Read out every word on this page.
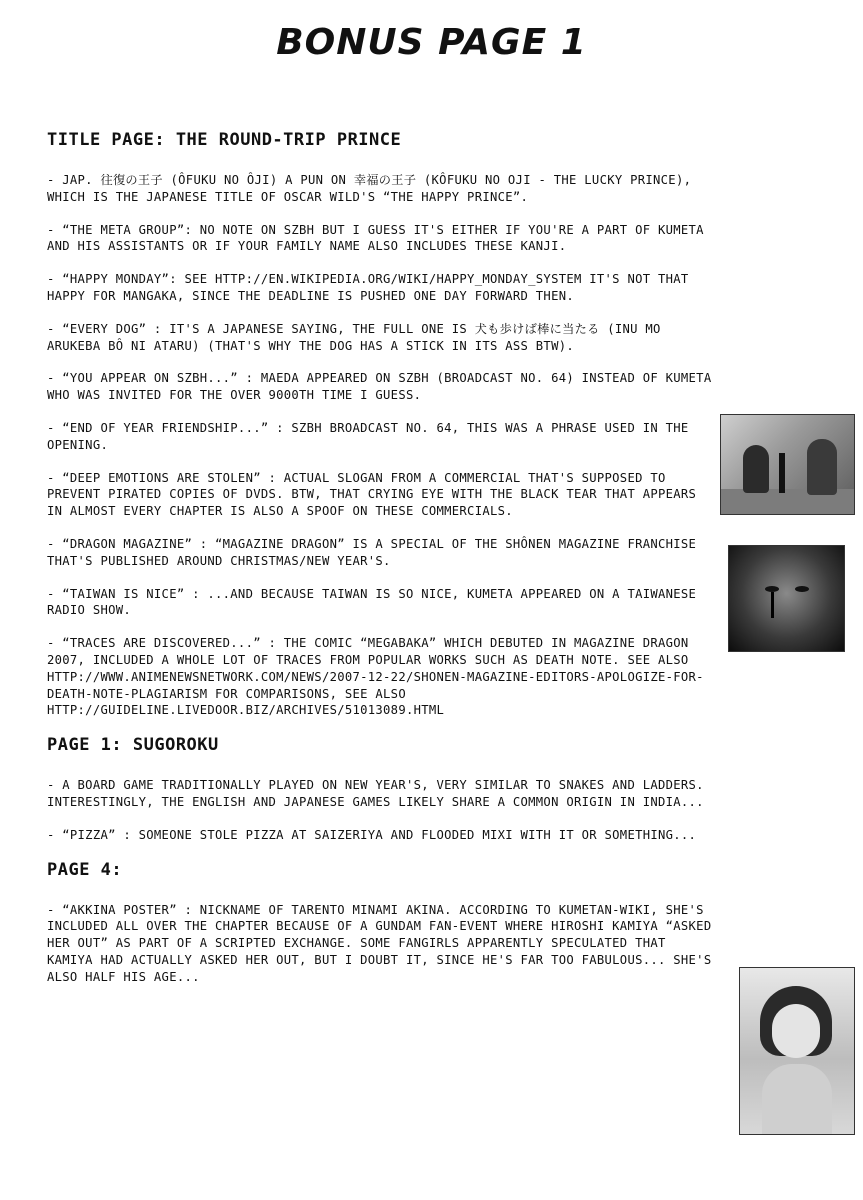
BONUS PAGE 1
TITLE PAGE: THE ROUND-TRIP PRINCE

- JAP. 往復の王子 (ÔFUKU NO ÔJI) A PUN ON 幸福の王子 (KÔFUKU NO OJI - THE LUCKY PRINCE), WHICH IS THE JAPANESE TITLE OF OSCAR WILD'S “THE HAPPY PRINCE”.

- “THE META GROUP”: NO NOTE ON SZBH BUT I GUESS IT'S EITHER IF YOU'RE A PART OF KUMETA AND HIS ASSISTANTS OR IF YOUR FAMILY NAME ALSO INCLUDES THESE KANJI.

- “HAPPY MONDAY”: SEE HTTP://EN.WIKIPEDIA.ORG/WIKI/HAPPY_MONDAY_SYSTEM IT'S NOT THAT HAPPY FOR MANGAKA, SINCE THE DEADLINE IS PUSHED ONE DAY FORWARD THEN.

- “EVERY DOG” : IT'S A JAPANESE SAYING, THE FULL ONE IS 犬も歩けば棒に当たる (INU MO ARUKEBA BÔ NI ATARU) (THAT'S WHY THE DOG HAS A STICK IN ITS ASS BTW).

- “YOU APPEAR ON SZBH...” : MAEDA APPEARED ON SZBH (BROADCAST NO. 64) INSTEAD OF KUMETA WHO WAS INVITED FOR THE OVER 9000TH TIME I GUESS.

- “END OF YEAR FRIENDSHIP...” : SZBH BROADCAST NO. 64, THIS WAS A PHRASE USED IN THE OPENING.

- “DEEP EMOTIONS ARE STOLEN” : ACTUAL SLOGAN FROM A COMMERCIAL THAT'S SUPPOSED TO PREVENT PIRATED COPIES OF DVDS. BTW, THAT CRYING EYE WITH THE BLACK TEAR THAT APPEARS IN ALMOST EVERY CHAPTER IS ALSO A SPOOF ON THESE COMMERCIALS.

- “DRAGON MAGAZINE” : “MAGAZINE DRAGON” IS A SPECIAL OF THE SHÔNEN MAGAZINE FRANCHISE THAT'S PUBLISHED AROUND CHRISTMAS/NEW YEAR'S.

- “TAIWAN IS NICE” : ...AND BECAUSE TAIWAN IS SO NICE, KUMETA APPEARED ON A TAIWANESE RADIO SHOW.

- “TRACES ARE DISCOVERED...” : THE COMIC “MEGABAKA” WHICH DEBUTED IN MAGAZINE DRAGON 2007, INCLUDED A WHOLE LOT OF TRACES FROM POPULAR WORKS SUCH AS DEATH NOTE. SEE ALSO HTTP://WWW.ANIMENEWSNETWORK.COM/NEWS/2007-12-22/SHONEN-MAGAZINE-EDITORS-APOLOGIZE-FOR-DEATH-NOTE-PLAGIARISM FOR COMPARISONS, SEE ALSO HTTP://GUIDELINE.LIVEDOOR.BIZ/ARCHIVES/51013089.HTML

PAGE 1: SUGOROKU

- A BOARD GAME TRADITIONALLY PLAYED ON NEW YEAR'S, VERY SIMILAR TO SNAKES AND LADDERS. INTERESTINGLY, THE ENGLISH AND JAPANESE GAMES LIKELY SHARE A COMMON ORIGIN IN INDIA...

- “PIZZA” : SOMEONE STOLE PIZZA AT SAIZERIYA AND FLOODED MIXI WITH IT OR SOMETHING...

PAGE 4:

- “AKKINA POSTER” : NICKNAME OF TARENTO MINAMI AKINA. ACCORDING TO KUMETAN-WIKI, SHE'S INCLUDED ALL OVER THE CHAPTER BECAUSE OF A GUNDAM FAN-EVENT WHERE HIROSHI KAMIYA “ASKED HER OUT” AS PART OF A SCRIPTED EXCHANGE. SOME FANGIRLS APPARENTLY SPECULATED THAT KAMIYA HAD ACTUALLY ASKED HER OUT, BUT I DOUBT IT, SINCE HE'S FAR TOO FABULOUS... SHE'S ALSO HALF HIS AGE...
